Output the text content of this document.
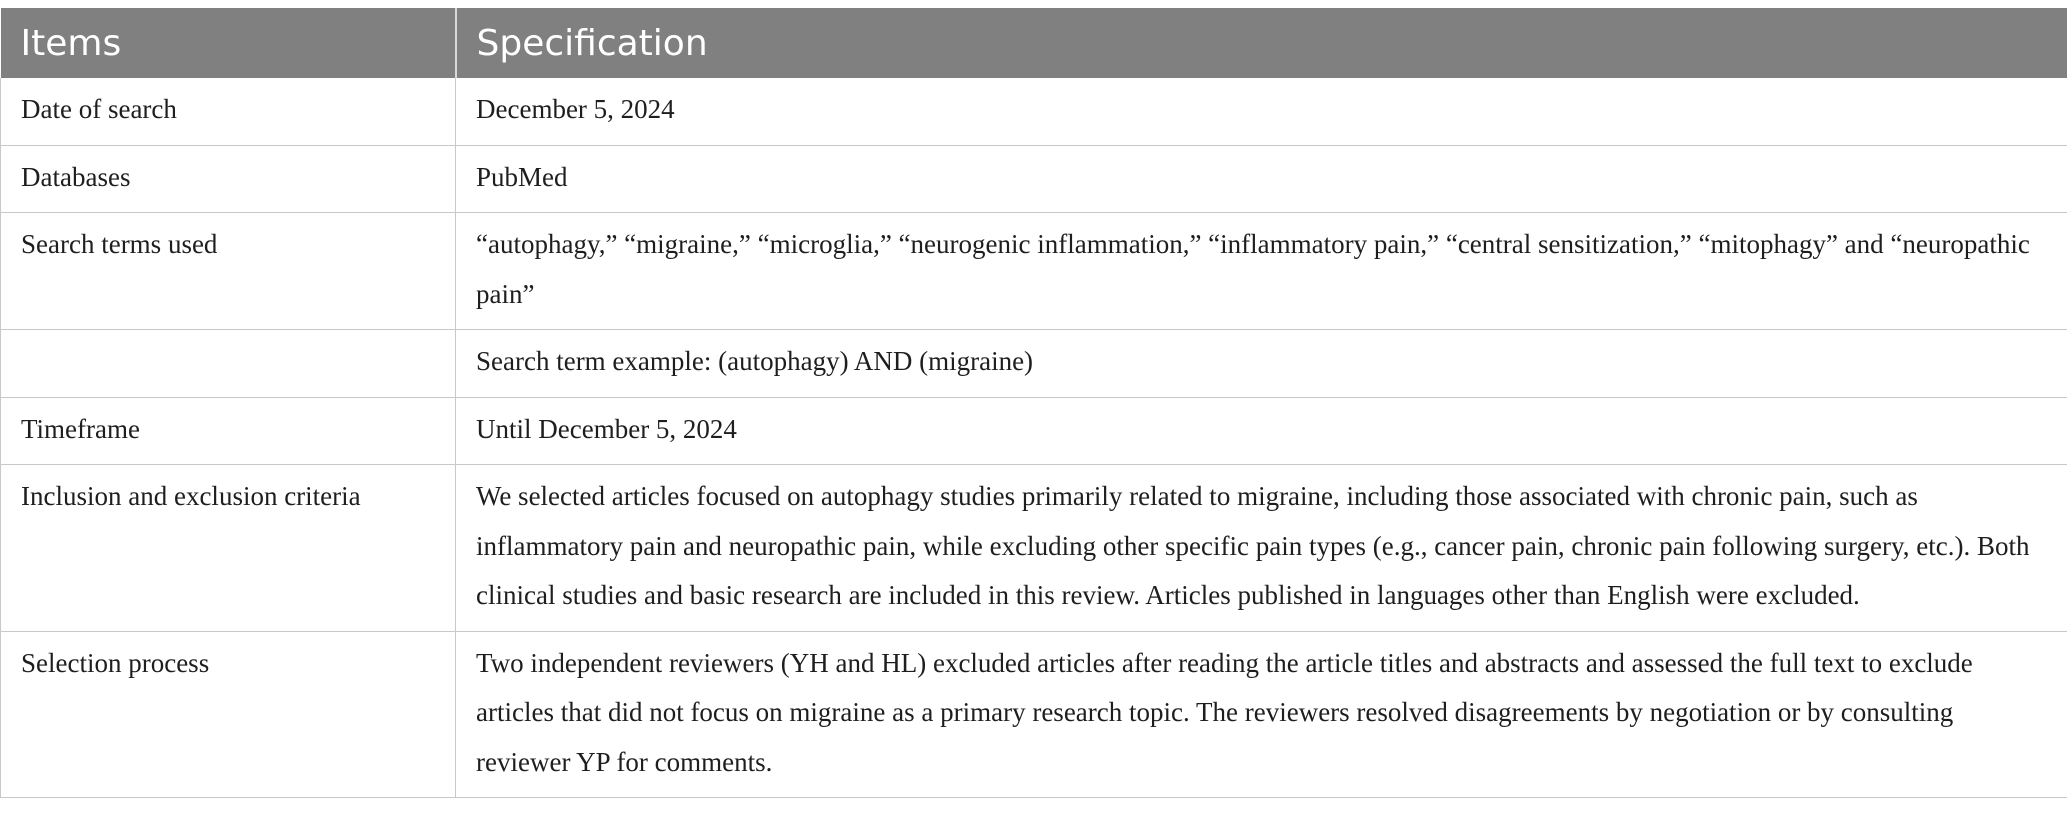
Items	Specification
Date of search	December 5, 2024
Databases	PubMed
Search terms used	“autophagy,” “migraine,” “microglia,” “neurogenic inflammation,” “inflammatory pain,” “central sensitization,” “mitophagy” and “neuropathic pain”
	Search term example: (autophagy) AND (migraine)
Timeframe	Until December 5, 2024
Inclusion and exclusion criteria	We selected articles focused on autophagy studies primarily related to migraine, including those associated with chronic pain, such as inflammatory pain and neuropathic pain, while excluding other specific pain types (e.g., cancer pain, chronic pain following surgery, etc.). Both clinical studies and basic research are included in this review. Articles published in languages other than English were excluded.
Selection process	Two independent reviewers (YH and HL) excluded articles after reading the article titles and abstracts and assessed the full text to exclude articles that did not focus on migraine as a primary research topic. The reviewers resolved disagreements by negotiation or by consulting reviewer YP for comments.
